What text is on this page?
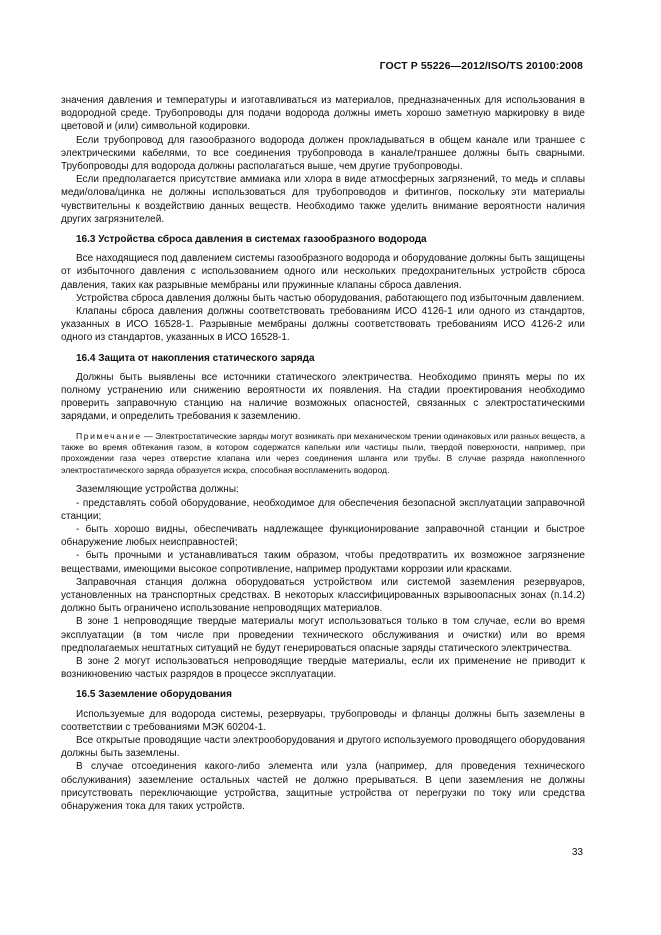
ГОСТ Р 55226—2012/ISO/TS 20100:2008

значения давления и температуры и изготавливаться из материалов, предназначенных для использования в водородной среде. Трубопроводы для подачи водорода должны иметь хорошо заметную маркировку в виде цветовой и (или) символьной кодировки.

Если трубопровод для газообразного водорода должен прокладываться в общем канале или траншее с электрическими кабелями, то все соединения трубопровода в канале/траншее должны быть сварными. Трубопроводы для водорода должны располагаться выше, чем другие трубопроводы.

Если предполагается присутствие аммиака или хлора в виде атмосферных загрязнений, то медь и сплавы меди/олова/цинка не должны использоваться для трубопроводов и фитингов, поскольку эти материалы чувствительны к воздействию данных веществ. Необходимо также уделить внимание вероятности наличия других загрязнителей.

16.3 Устройства сброса давления в системах газообразного водорода

Все находящиеся под давлением системы газообразного водорода и оборудование должны быть защищены от избыточного давления с использованием одного или нескольких предохранительных устройств сброса давления, таких как разрывные мембраны или пружинные клапаны сброса давления.

Устройства сброса давления должны быть частью оборудования, работающего под избыточным давлением.

Клапаны сброса давления должны соответствовать требованиям ИСО 4126-1 или одного из стандартов, указанных в ИСО 16528-1. Разрывные мембраны должны соответствовать требованиям ИСО 4126-2 или одного из стандартов, указанных в ИСО 16528-1.

16.4 Защита от накопления статического заряда

Должны быть выявлены все источники статического электричества. Необходимо принять меры по их полному устранению или снижению вероятности их появления. На стадии проектирования необходимо проверить заправочную станцию на наличие возможных опасностей, связанных с электростатическими зарядами, и определить требования к заземлению.

Примечание — Электростатические заряды могут возникать при механическом трении одинаковых или разных веществ, а также во время обтекания газом, в котором содержатся капельки или частицы пыли, твердой поверхности, например, при прохождении газа через отверстие клапана или через соединения шланга или трубы. В случае разряда накопленного электростатического заряда образуется искра, способная воспламенить водород.

Заземляющие устройства должны:

- представлять собой оборудование, необходимое для обеспечения безопасной эксплуатации заправочной станции;

- быть хорошо видны, обеспечивать надлежащее функционирование заправочной станции и быстрое обнаружение любых неисправностей;

- быть прочными и устанавливаться таким образом, чтобы предотвратить их возможное загрязнение веществами, имеющими высокое сопротивление, например продуктами коррозии или красками.

Заправочная станция должна оборудоваться устройством или системой заземления резервуаров, установленных на транспортных средствах. В некоторых классифицированных взрывоопасных зонах (п.14.2) должно быть ограничено использование непроводящих материалов.

В зоне 1 непроводящие твердые материалы могут использоваться только в том случае, если во время эксплуатации (в том числе при проведении технического обслуживания и очистки) или во время предполагаемых нештатных ситуаций не будут генерироваться опасные заряды статического электричества.

В зоне 2 могут использоваться непроводящие твердые материалы, если их применение не приводит к возникновению частых разрядов в процессе эксплуатации.

16.5 Заземление оборудования

Используемые для водорода системы, резервуары, трубопроводы и фланцы должны быть заземлены в соответствии с требованиями МЭК 60204-1.

Все открытые проводящие части электрооборудования и другого используемого проводящего оборудования должны быть заземлены.

В случае отсоединения какого-либо элемента или узла (например, для проведения технического обслуживания) заземление остальных частей не должно прерываться. В цепи заземления не должны присутствовать переключающие устройства, защитные устройства от перегрузки по току или средства обнаружения тока для таких устройств.

33
